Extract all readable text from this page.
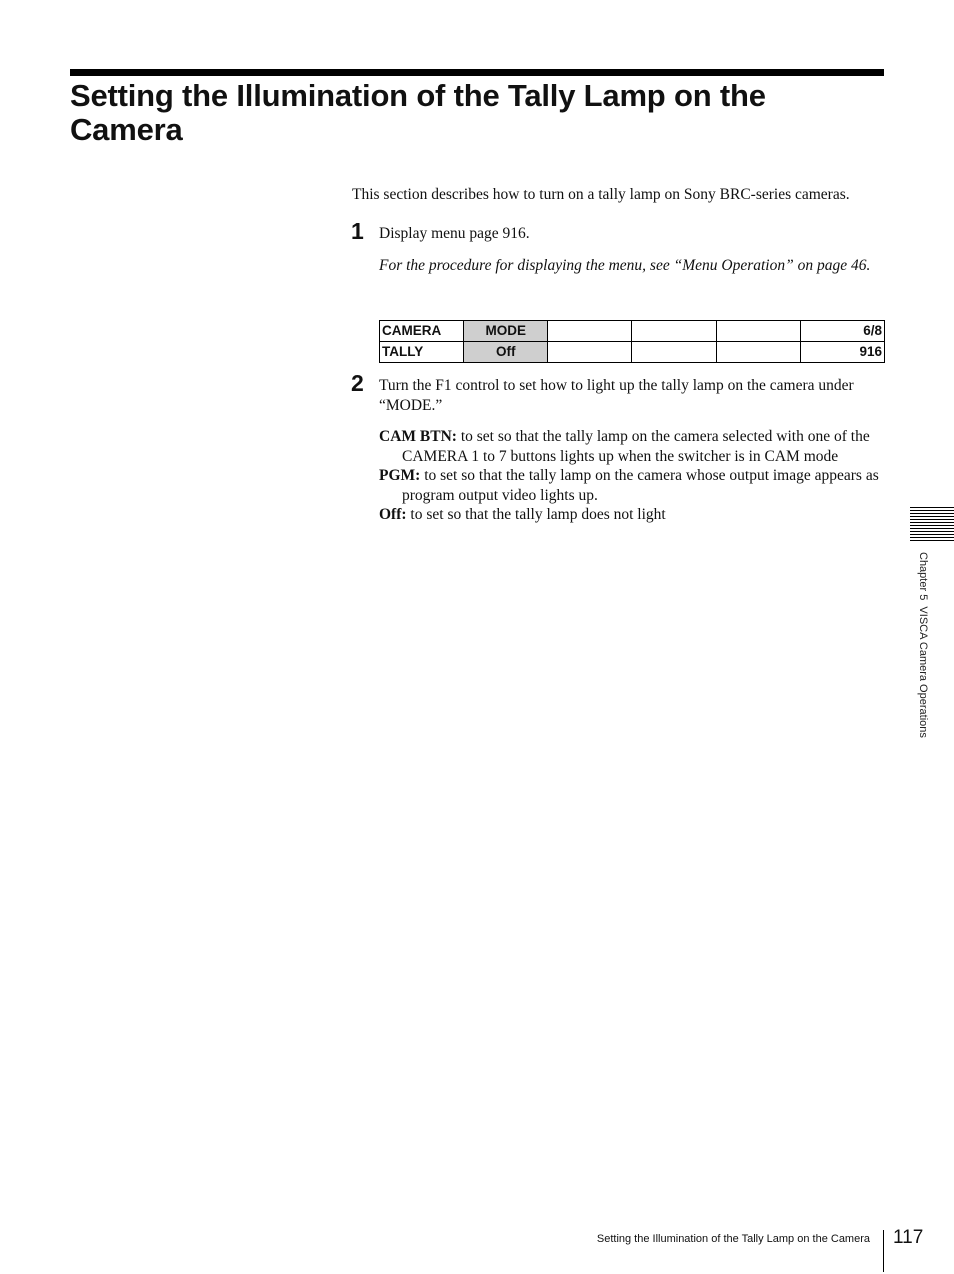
Setting the Illumination of the Tally Lamp on the Camera

This section describes how to turn on a tally lamp on Sony BRC-series cameras.

1 Display menu page 916.

For the procedure for displaying the menu, see “Menu Operation” on page 46.

CAMERA	MODE				6/8
TALLY	Off				916
2 Turn the F1 control to set how to light up the tally lamp on the camera under “MODE.”

CAM BTN: to set so that the tally lamp on the camera selected with one of the CAMERA 1 to 7 buttons lights up when the switcher is in CAM mode

PGM: to set so that the tally lamp on the camera whose output image appears as program output video lights up.

Off: to set so that the tally lamp does not light

Chapter 5  VISCA Camera Operations
Setting the Illumination of the Tally Lamp on the Camera 117
